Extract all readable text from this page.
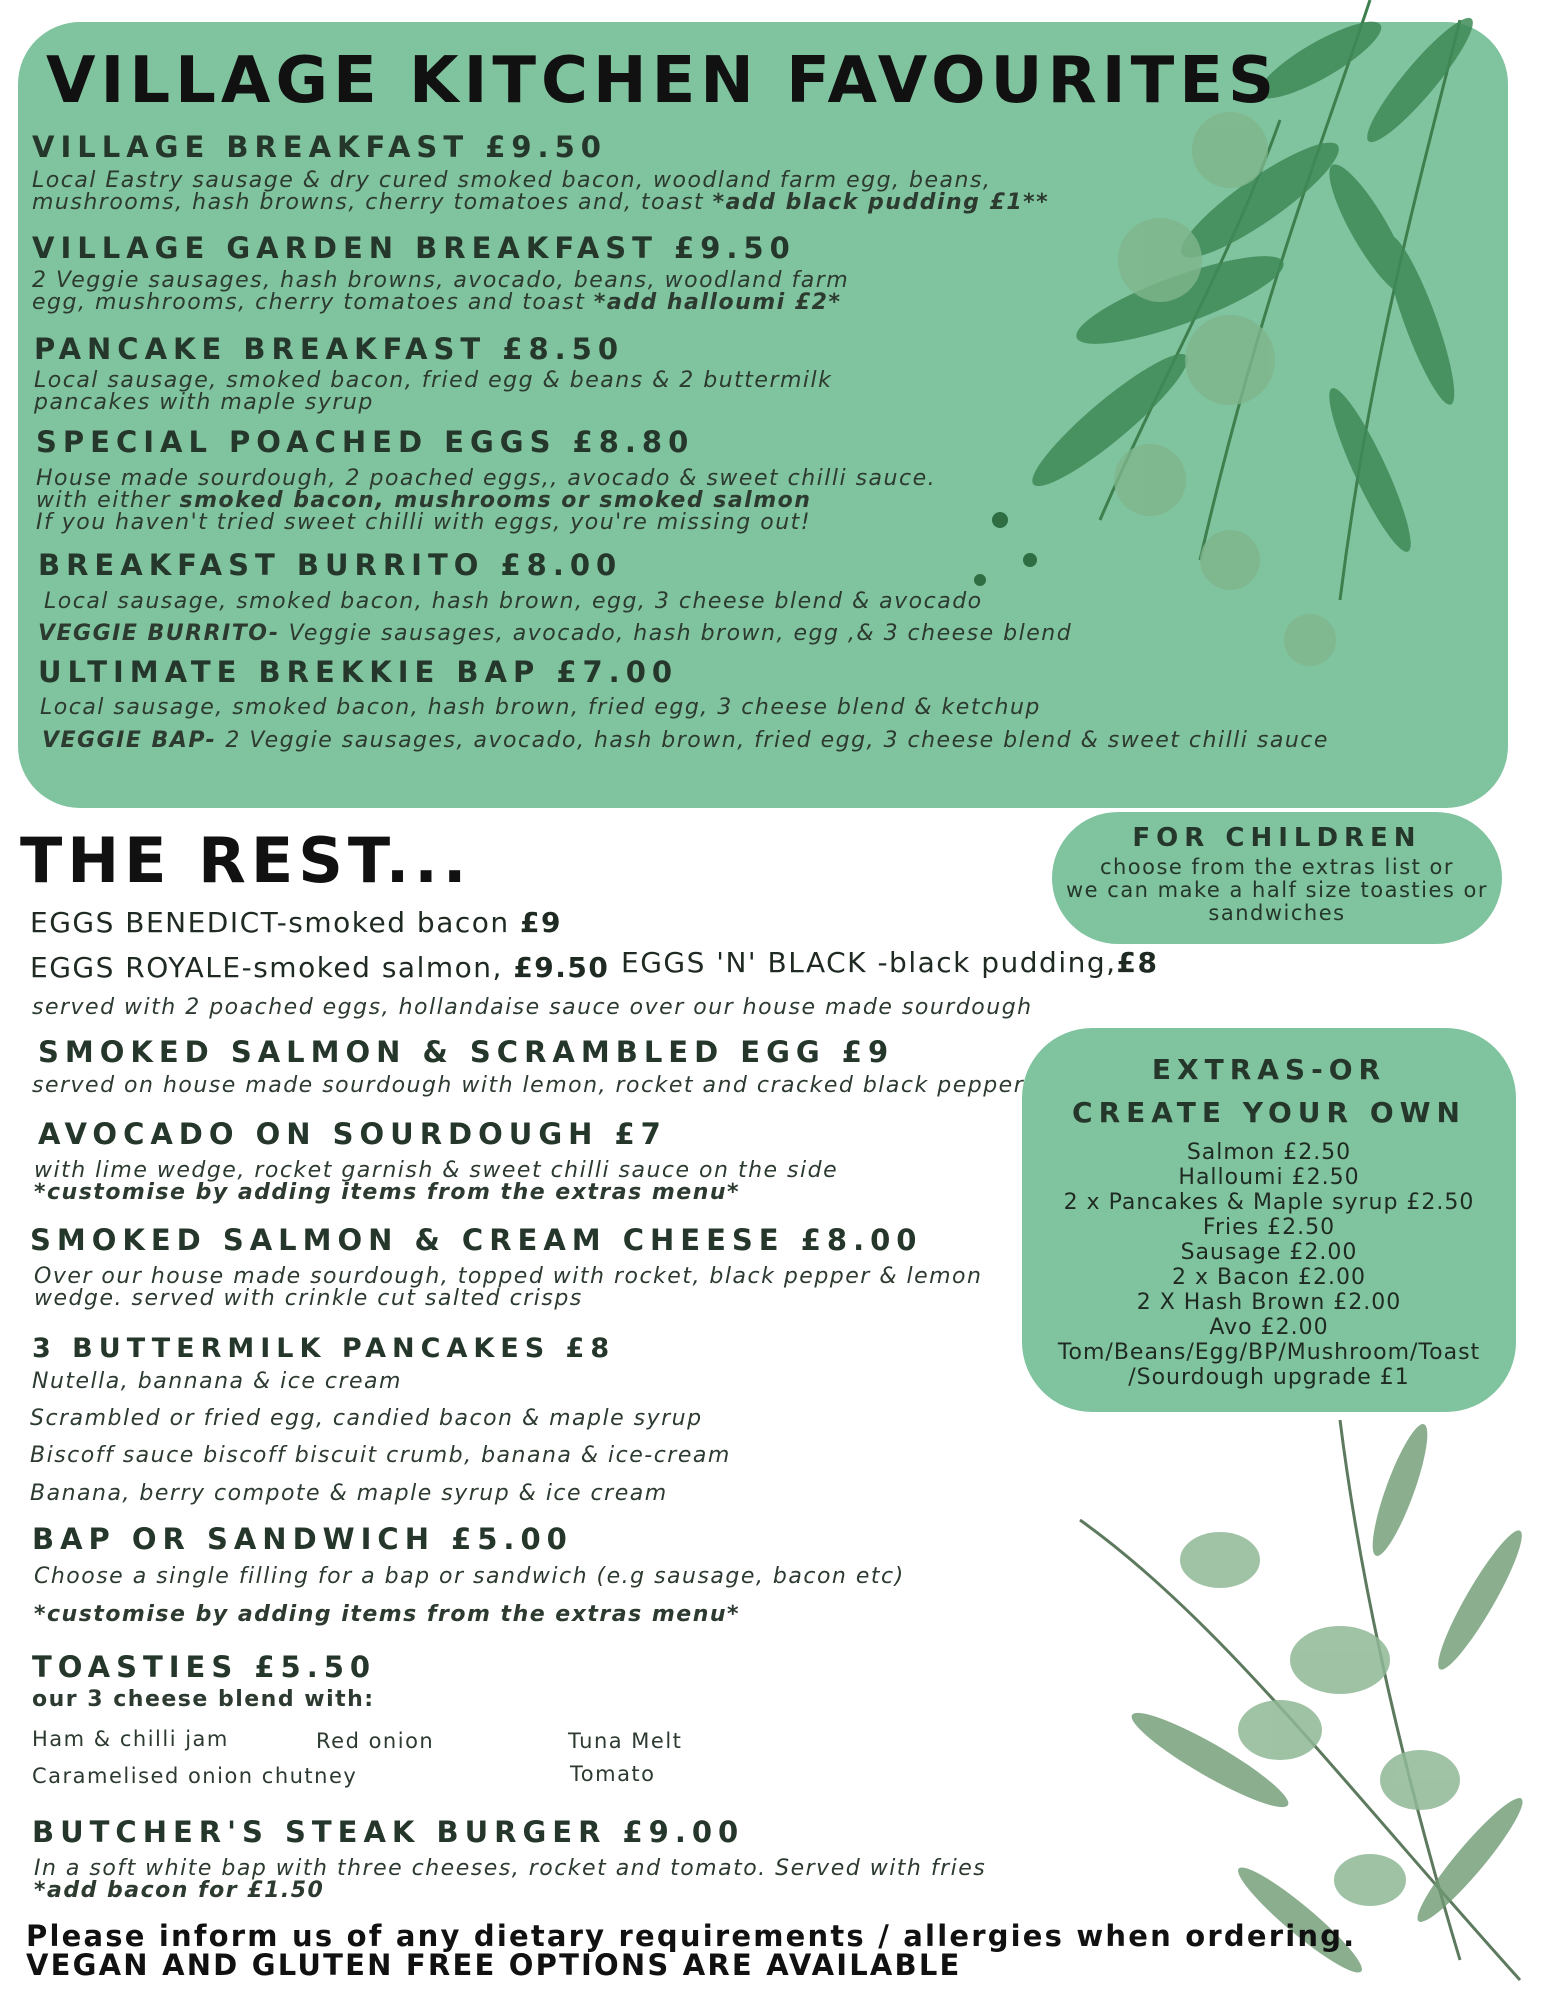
VILLAGE KITCHEN FAVOURITES
VILLAGE BREAKFAST £9.50
Local Eastry sausage & dry cured smoked bacon, woodland farm egg, beans,
mushrooms, hash browns, cherry tomatoes and, toast *add black pudding £1**
VILLAGE GARDEN BREAKFAST £9.50
2 Veggie sausages, hash browns, avocado, beans, woodland farm
egg, mushrooms, cherry tomatoes and toast *add halloumi £2*
PANCAKE BREAKFAST £8.50
Local sausage, smoked bacon, fried egg & beans & 2 buttermilk
pancakes with maple syrup
SPECIAL POACHED EGGS £8.80
House made sourdough, 2 poached eggs,, avocado & sweet chilli sauce.
with either smoked bacon, mushrooms or smoked salmon
If you haven't tried sweet chilli with eggs, you're missing out!
BREAKFAST BURRITO £8.00
Local sausage, smoked bacon, hash brown, egg, 3 cheese blend & avocado
VEGGIE BURRITO- Veggie sausages, avocado, hash brown, egg ,& 3 cheese blend
ULTIMATE BREKKIE BAP £7.00
Local sausage, smoked bacon, hash brown, fried egg, 3 cheese blend & ketchup
VEGGIE BAP- 2 Veggie sausages, avocado, hash brown, fried egg, 3 cheese blend & sweet chilli sauce
THE REST...
EGGS BENEDICT-smoked bacon £9
EGGS ROYALE-smoked salmon, £9.50 EGGS 'N' BLACK -black pudding,£8
served with 2 poached eggs, hollandaise sauce over our house made sourdough
SMOKED SALMON & SCRAMBLED EGG £9
served on house made sourdough with lemon, rocket and cracked black pepper
AVOCADO ON SOURDOUGH £7
with lime wedge, rocket garnish & sweet chilli sauce on the side
*customise by adding items from the extras menu*
SMOKED SALMON & CREAM CHEESE £8.00
Over our house made sourdough, topped with rocket, black pepper & lemon
wedge. served with crinkle cut salted crisps
3 BUTTERMILK PANCAKES £8
Nutella, bannana & ice cream
Scrambled or fried egg, candied bacon & maple syrup
Biscoff sauce biscoff biscuit crumb, banana & ice-cream
Banana, berry compote & maple syrup & ice cream
BAP OR SANDWICH £5.00
Choose a single filling for a bap or sandwich (e.g sausage, bacon etc)
*customise by adding items from the extras menu*
TOASTIES £5.50
our 3 cheese blend with:
Ham & chilli jam	Red onion	Tuna Melt
Caramelised onion chutney	Tomato
BUTCHER'S STEAK BURGER £9.00
In a soft white bap with three cheeses, rocket and tomato. Served with fries
*add bacon for £1.50
FOR CHILDREN
choose from the extras list or
we can make a half size toasties or
sandwiches
EXTRAS-OR
CREATE YOUR OWN
Salmon £2.50
Halloumi £2.50
2 x Pancakes & Maple syrup £2.50
Fries £2.50
Sausage £2.00
2 x Bacon £2.00
2 X Hash Brown £2.00
Avo £2.00
Tom/Beans/Egg/BP/Mushroom/Toast
/Sourdough upgrade £1
Please inform us of any dietary requirements / allergies when ordering.
VEGAN AND GLUTEN FREE OPTIONS ARE AVAILABLE
